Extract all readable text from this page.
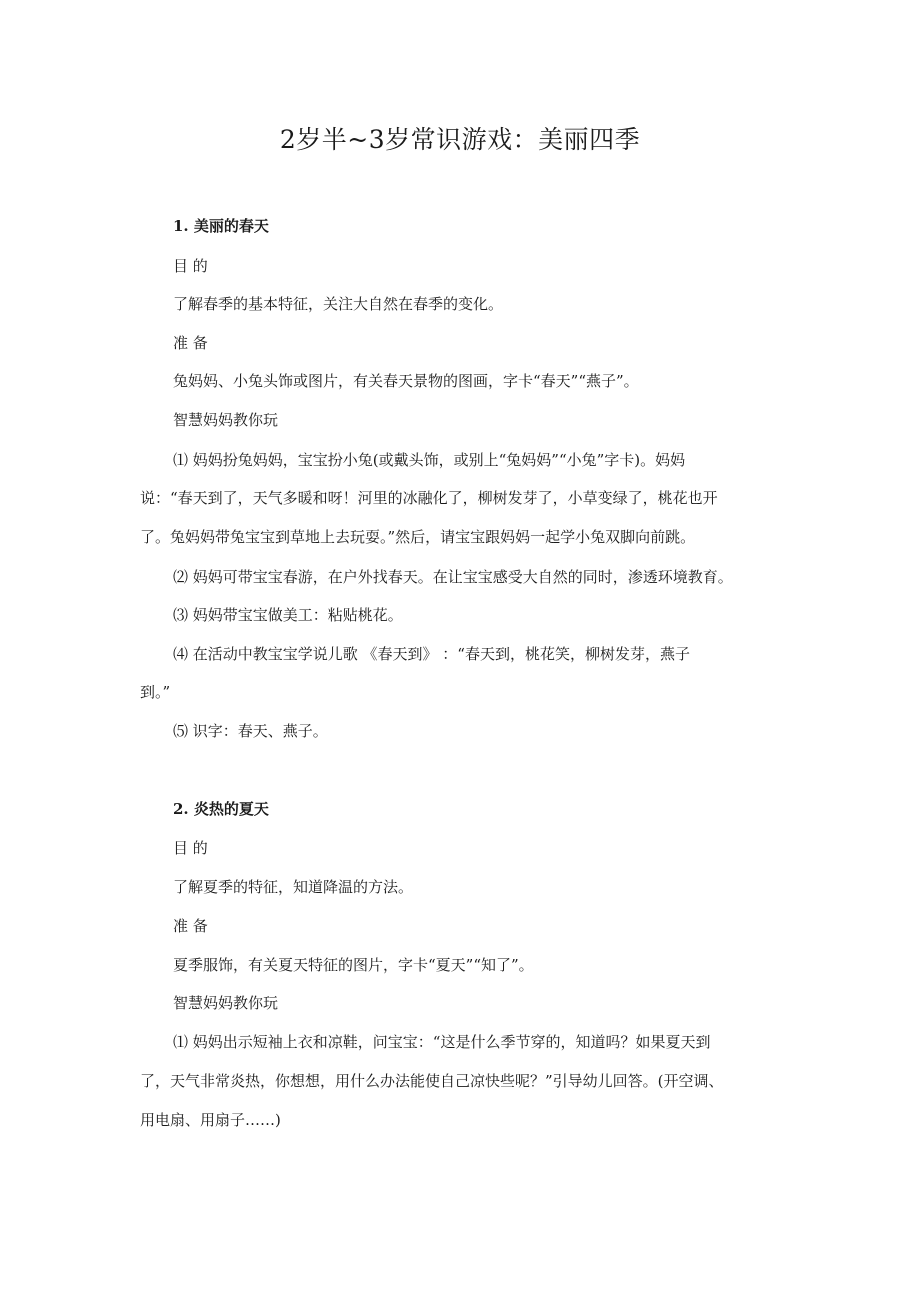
2岁半~3岁常识游戏：美丽四季

1. 美丽的春天

目 的

了解春季的基本特征，关注大自然在春季的变化。

准 备

兔妈妈、小兔头饰或图片，有关春天景物的图画，字卡“春天”“燕子”。

智慧妈妈教你玩

⑴ 妈妈扮兔妈妈，宝宝扮小兔(或戴头饰，或别上“兔妈妈”“小兔”字卡)。妈妈

说：“春天到了，天气多暖和呀！河里的冰融化了，柳树发芽了，小草变绿了，桃花也开

了。兔妈妈带兔宝宝到草地上去玩耍。”然后，请宝宝跟妈妈一起学小兔双脚向前跳。

⑵ 妈妈可带宝宝春游，在户外找春天。在让宝宝感受大自然的同时，渗透环境教育。

⑶ 妈妈带宝宝做美工：粘贴桃花。

⑷ 在活动中教宝宝学说儿歌 《春天到》 ：“春天到，桃花笑，柳树发芽，燕子

到。”

⑸ 识字：春天、燕子。

2. 炎热的夏天

目 的

了解夏季的特征，知道降温的方法。

准 备

夏季服饰，有关夏天特征的图片，字卡“夏天”“知了”。

智慧妈妈教你玩

⑴ 妈妈出示短袖上衣和凉鞋，问宝宝：“这是什么季节穿的，知道吗？如果夏天到

了，天气非常炎热，你想想，用什么办法能使自己凉快些呢？”引导幼儿回答。(开空调、

用电扇、用扇子……)
